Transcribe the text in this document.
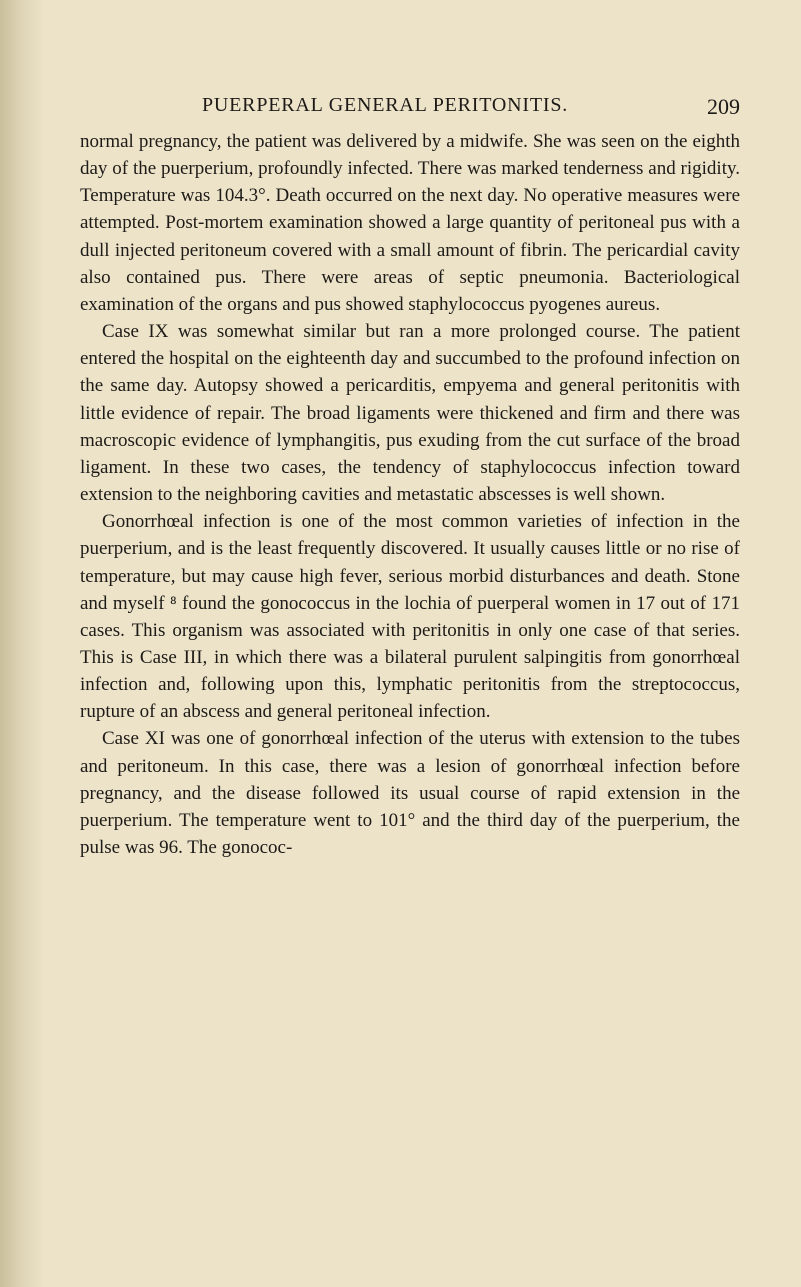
PUERPERAL GENERAL PERITONITIS.	209

normal pregnancy, the patient was delivered by a midwife. She was seen on the eighth day of the puerperium, profoundly infected. There was marked tenderness and rigidity. Temperature was 104.3°. Death occurred on the next day. No operative measures were attempted. Post-mortem examination showed a large quantity of peritoneal pus with a dull injected peritoneum covered with a small amount of fibrin. The pericardial cavity also contained pus. There were areas of septic pneumonia. Bacteriological examination of the organs and pus showed staphylococcus pyogenes aureus.

Case IX was somewhat similar but ran a more prolonged course. The patient entered the hospital on the eighteenth day and succumbed to the profound infection on the same day. Autopsy showed a pericarditis, empyema and general peritonitis with little evidence of repair. The broad ligaments were thickened and firm and there was macroscopic evidence of lymphangitis, pus exuding from the cut surface of the broad ligament. In these two cases, the tendency of staphylococcus infection toward extension to the neighboring cavities and metastatic abscesses is well shown.

Gonorrhœal infection is one of the most common varieties of infection in the puerperium, and is the least frequently discovered. It usually causes little or no rise of temperature, but may cause high fever, serious morbid disturbances and death. Stone and myself ⁸ found the gonococcus in the lochia of puerperal women in 17 out of 171 cases. This organism was associated with peritonitis in only one case of that series. This is Case III, in which there was a bilateral purulent salpingitis from gonorrhœal infection and, following upon this, lymphatic peritonitis from the streptococcus, rupture of an abscess and general peritoneal infection.

Case XI was one of gonorrhœal infection of the uterus with extension to the tubes and peritoneum. In this case, there was a lesion of gonorrhœal infection before pregnancy, and the disease followed its usual course of rapid extension in the puerperium. The temperature went to 101° and the third day of the puerperium, the pulse was 96. The gonococ-
